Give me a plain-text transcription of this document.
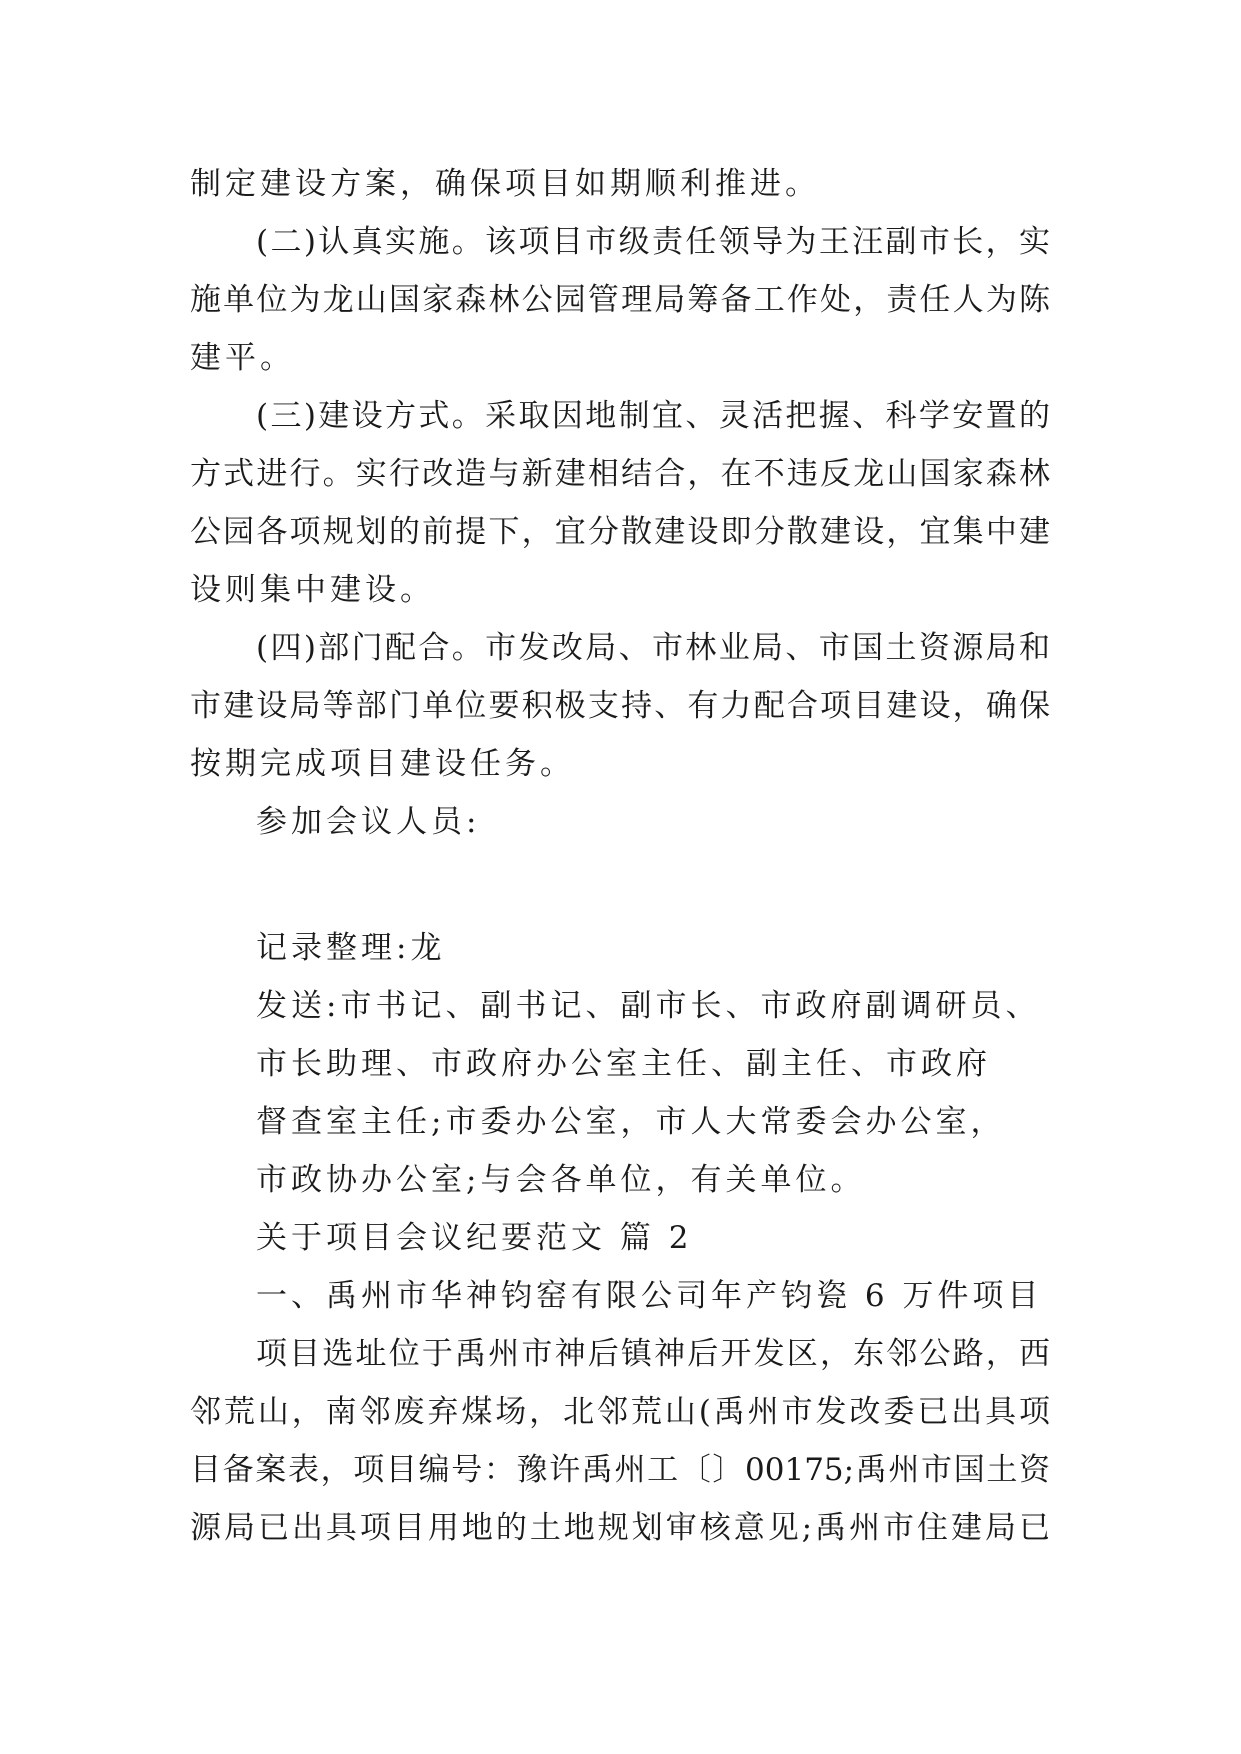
制定建设方案，确保项目如期顺利推进。
(二)认真实施。该项目市级责任领导为王汪副市长，实
施单位为龙山国家森林公园管理局筹备工作处，责任人为陈
建平。
(三)建设方式。采取因地制宜、灵活把握、科学安置的
方式进行。实行改造与新建相结合，在不违反龙山国家森林
公园各项规划的前提下，宜分散建设即分散建设，宜集中建
设则集中建设。
(四)部门配合。市发改局、市林业局、市国土资源局和
市建设局等部门单位要积极支持、有力配合项目建设，确保
按期完成项目建设任务。
参加会议人员:
记录整理:龙
发送:市书记、副书记、副市长、市政府副调研员、
市长助理、市政府办公室主任、副主任、市政府
督查室主任;市委办公室，市人大常委会办公室，
市政协办公室;与会各单位，有关单位。
关于项目会议纪要范文 篇 2
一、禹州市华神钧窑有限公司年产钧瓷 6 万件项目
项目选址位于禹州市神后镇神后开发区，东邻公路，西
邻荒山，南邻废弃煤场，北邻荒山(禹州市发改委已出具项
目备案表，项目编号：豫许禹州工〔〕00175;禹州市国土资
源局已出具项目用地的土地规划审核意见;禹州市住建局已
